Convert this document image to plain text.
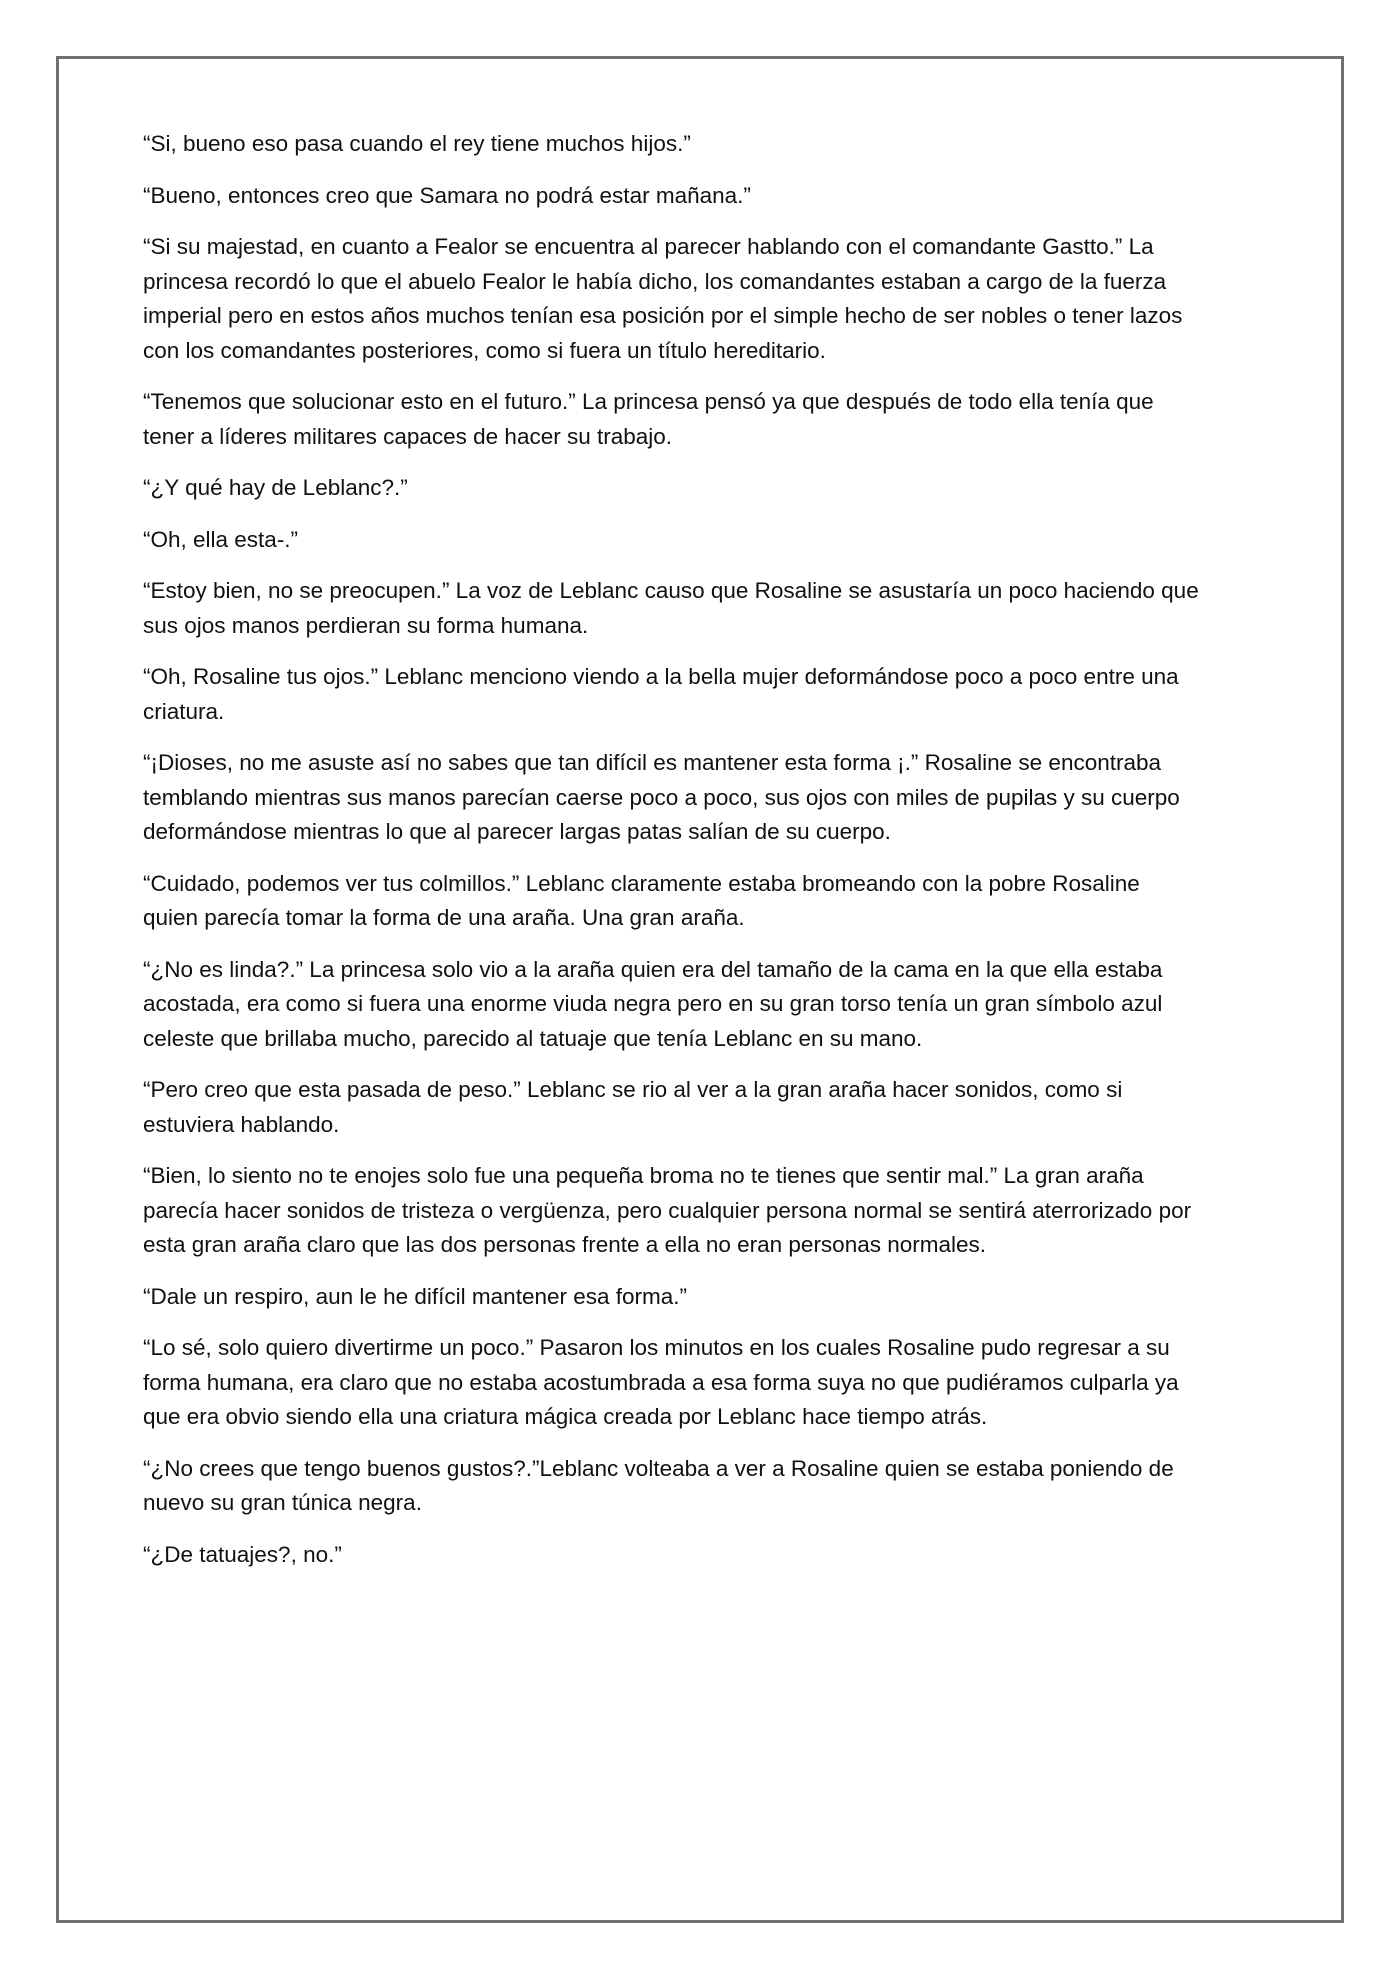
“Si, bueno eso pasa cuando el rey tiene muchos hijos.”

“Bueno, entonces creo que Samara no podrá estar mañana.”

“Si su majestad, en cuanto a Fealor se encuentra al parecer hablando con el comandante Gastto.” La princesa recordó lo que el abuelo Fealor le había dicho, los comandantes estaban a cargo de la fuerza imperial pero en estos años muchos tenían esa posición por el simple hecho de ser nobles o tener lazos con los comandantes posteriores, como si fuera un título hereditario.

“Tenemos que solucionar esto en el futuro.” La princesa pensó ya que después de todo ella tenía que tener a líderes militares capaces de hacer su trabajo.

“¿Y qué hay de Leblanc?.”

“Oh, ella esta-.”

“Estoy bien, no se preocupen.” La voz de Leblanc causo que Rosaline se asustaría un poco haciendo que sus ojos manos perdieran su forma humana.

“Oh, Rosaline tus ojos.” Leblanc menciono viendo a la bella mujer deformándose poco a poco entre una criatura.

“¡Dioses, no me asuste así no sabes que tan difícil es mantener esta forma ¡.” Rosaline se encontraba temblando mientras sus manos parecían caerse poco a poco, sus ojos con miles de pupilas y su cuerpo deformándose mientras lo que al parecer largas patas salían de su cuerpo.

“Cuidado, podemos ver tus colmillos.” Leblanc claramente estaba bromeando con la pobre Rosaline quien parecía tomar la forma de una araña. Una gran araña.

“¿No es linda?.” La princesa solo vio a la araña quien era del tamaño de la cama en la que ella estaba acostada, era como si fuera una enorme viuda negra pero en su gran torso tenía un gran símbolo azul celeste que brillaba mucho, parecido al tatuaje que tenía Leblanc en su mano.

“Pero creo que esta pasada de peso.” Leblanc se rio al ver a la gran araña hacer sonidos, como si estuviera hablando.

“Bien, lo siento no te enojes solo fue una pequeña broma no te tienes que sentir mal.” La gran araña parecía hacer sonidos de tristeza o vergüenza, pero cualquier persona normal se sentirá aterrorizado por esta gran araña claro que las dos personas frente a ella no eran personas normales.

“Dale un respiro, aun le he difícil mantener esa forma.”

“Lo sé, solo quiero divertirme un poco.” Pasaron los minutos en los cuales Rosaline pudo regresar a su forma humana, era claro que no estaba acostumbrada a esa forma suya no que pudiéramos culparla ya que era obvio siendo ella una criatura mágica creada por Leblanc hace tiempo atrás.

“¿No crees que tengo buenos gustos?.”Leblanc volteaba a ver a Rosaline quien se estaba poniendo de nuevo su gran túnica negra.

“¿De tatuajes?, no.”
